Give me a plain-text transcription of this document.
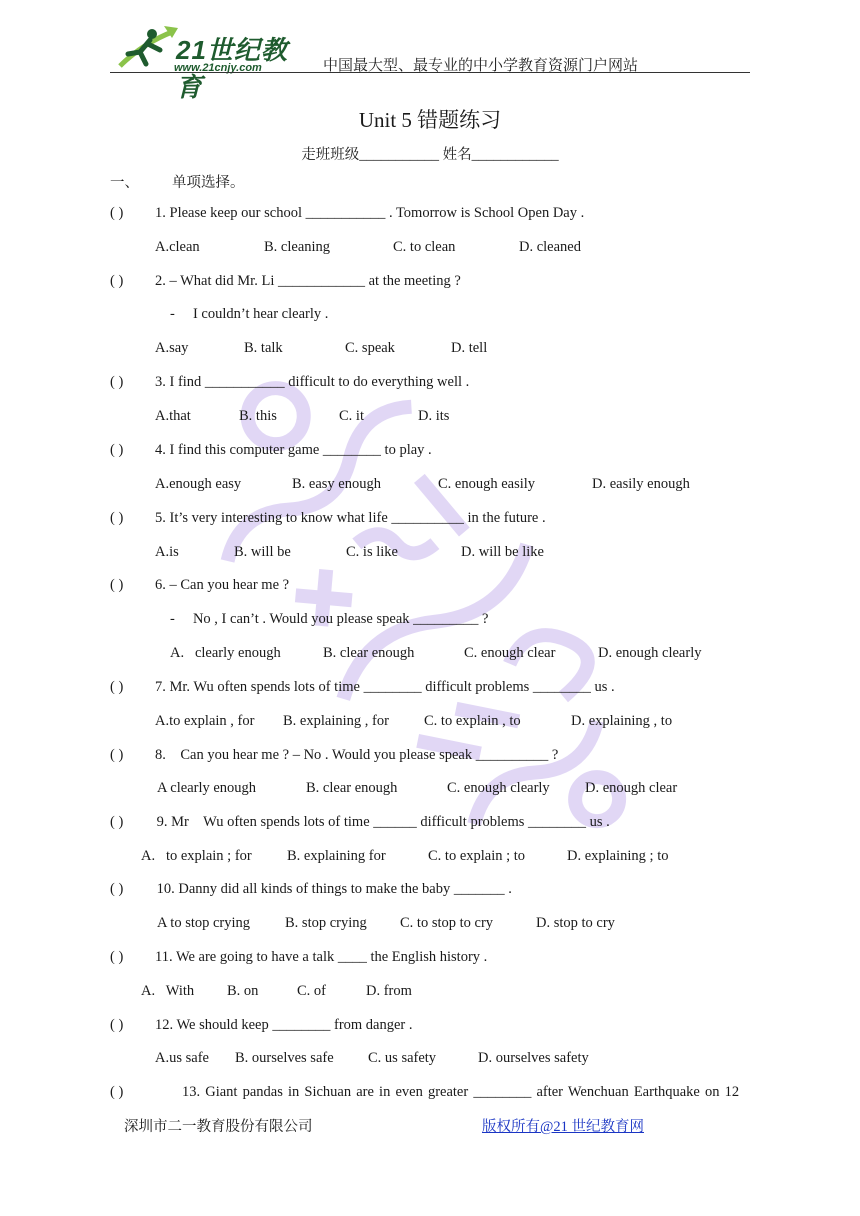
21世纪教育
www.21cnjy.com	中国最大型、最专业的中小学教育资源门户网站
Unit 5 错题练习
走班班级___________ 姓名____________
一、 单项选择。
( ) 1. Please keep our school ___________ . Tomorrow is School Open Day .
A.clean	B. cleaning	C. to clean	D. cleaned
( ) 2. – What did Mr. Li ____________ at the meeting ?
-     I couldn’t hear clearly .
A.say	B. talk	C. speak	D. tell
( ) 3. I find ___________ difficult to do everything well .
A.that	B. this	C. it	D. its
( ) 4. I find this computer game ________ to play .
A.enough easy	B. easy enough	C. enough easily	D. easily enough
( ) 5. It’s very interesting to know what life __________ in the future .
A.is	B. will be	C. is like	D. will be like
( ) 6. – Can you hear me ?
-     No , I can’t . Would you please speak _________ ?
A.   clearly enough	B. clear enough	C. enough clear	D. enough clearly
( ) 7. Mr. Wu often spends lots of time ________ difficult problems ________ us .
A.to explain , for B. explaining , for C. to explain , to	D. explaining , to
( ) 8.    Can you hear me ? – No . Would you please speak __________ ?
A clearly enough	B. clear enough	C. enough clearly D. enough clear
( ) 9. Mr    Wu often spends lots of time ______ difficult problems ________ us .
A.   to explain ; for B. explaining for	C. to explain ; to	D. explaining ; to
( ) 10. Danny did all kinds of things to make the baby _______ .
A to stop crying B. stop crying C. to stop to cry	D. stop to cry
( ) 11. We are going to have a talk ____ the English history .
A.   With B. on	C. of	D. from
( ) 12. We should keep ________ from danger .
A.us safe B. ourselves safe C. us safety	D. ourselves safety
( )	13. Giant pandas in Sichuan are in even greater ________ after Wenchuan Earthquake on 12
深圳市二一教育股份有限公司	版权所有@21 世纪教育网
